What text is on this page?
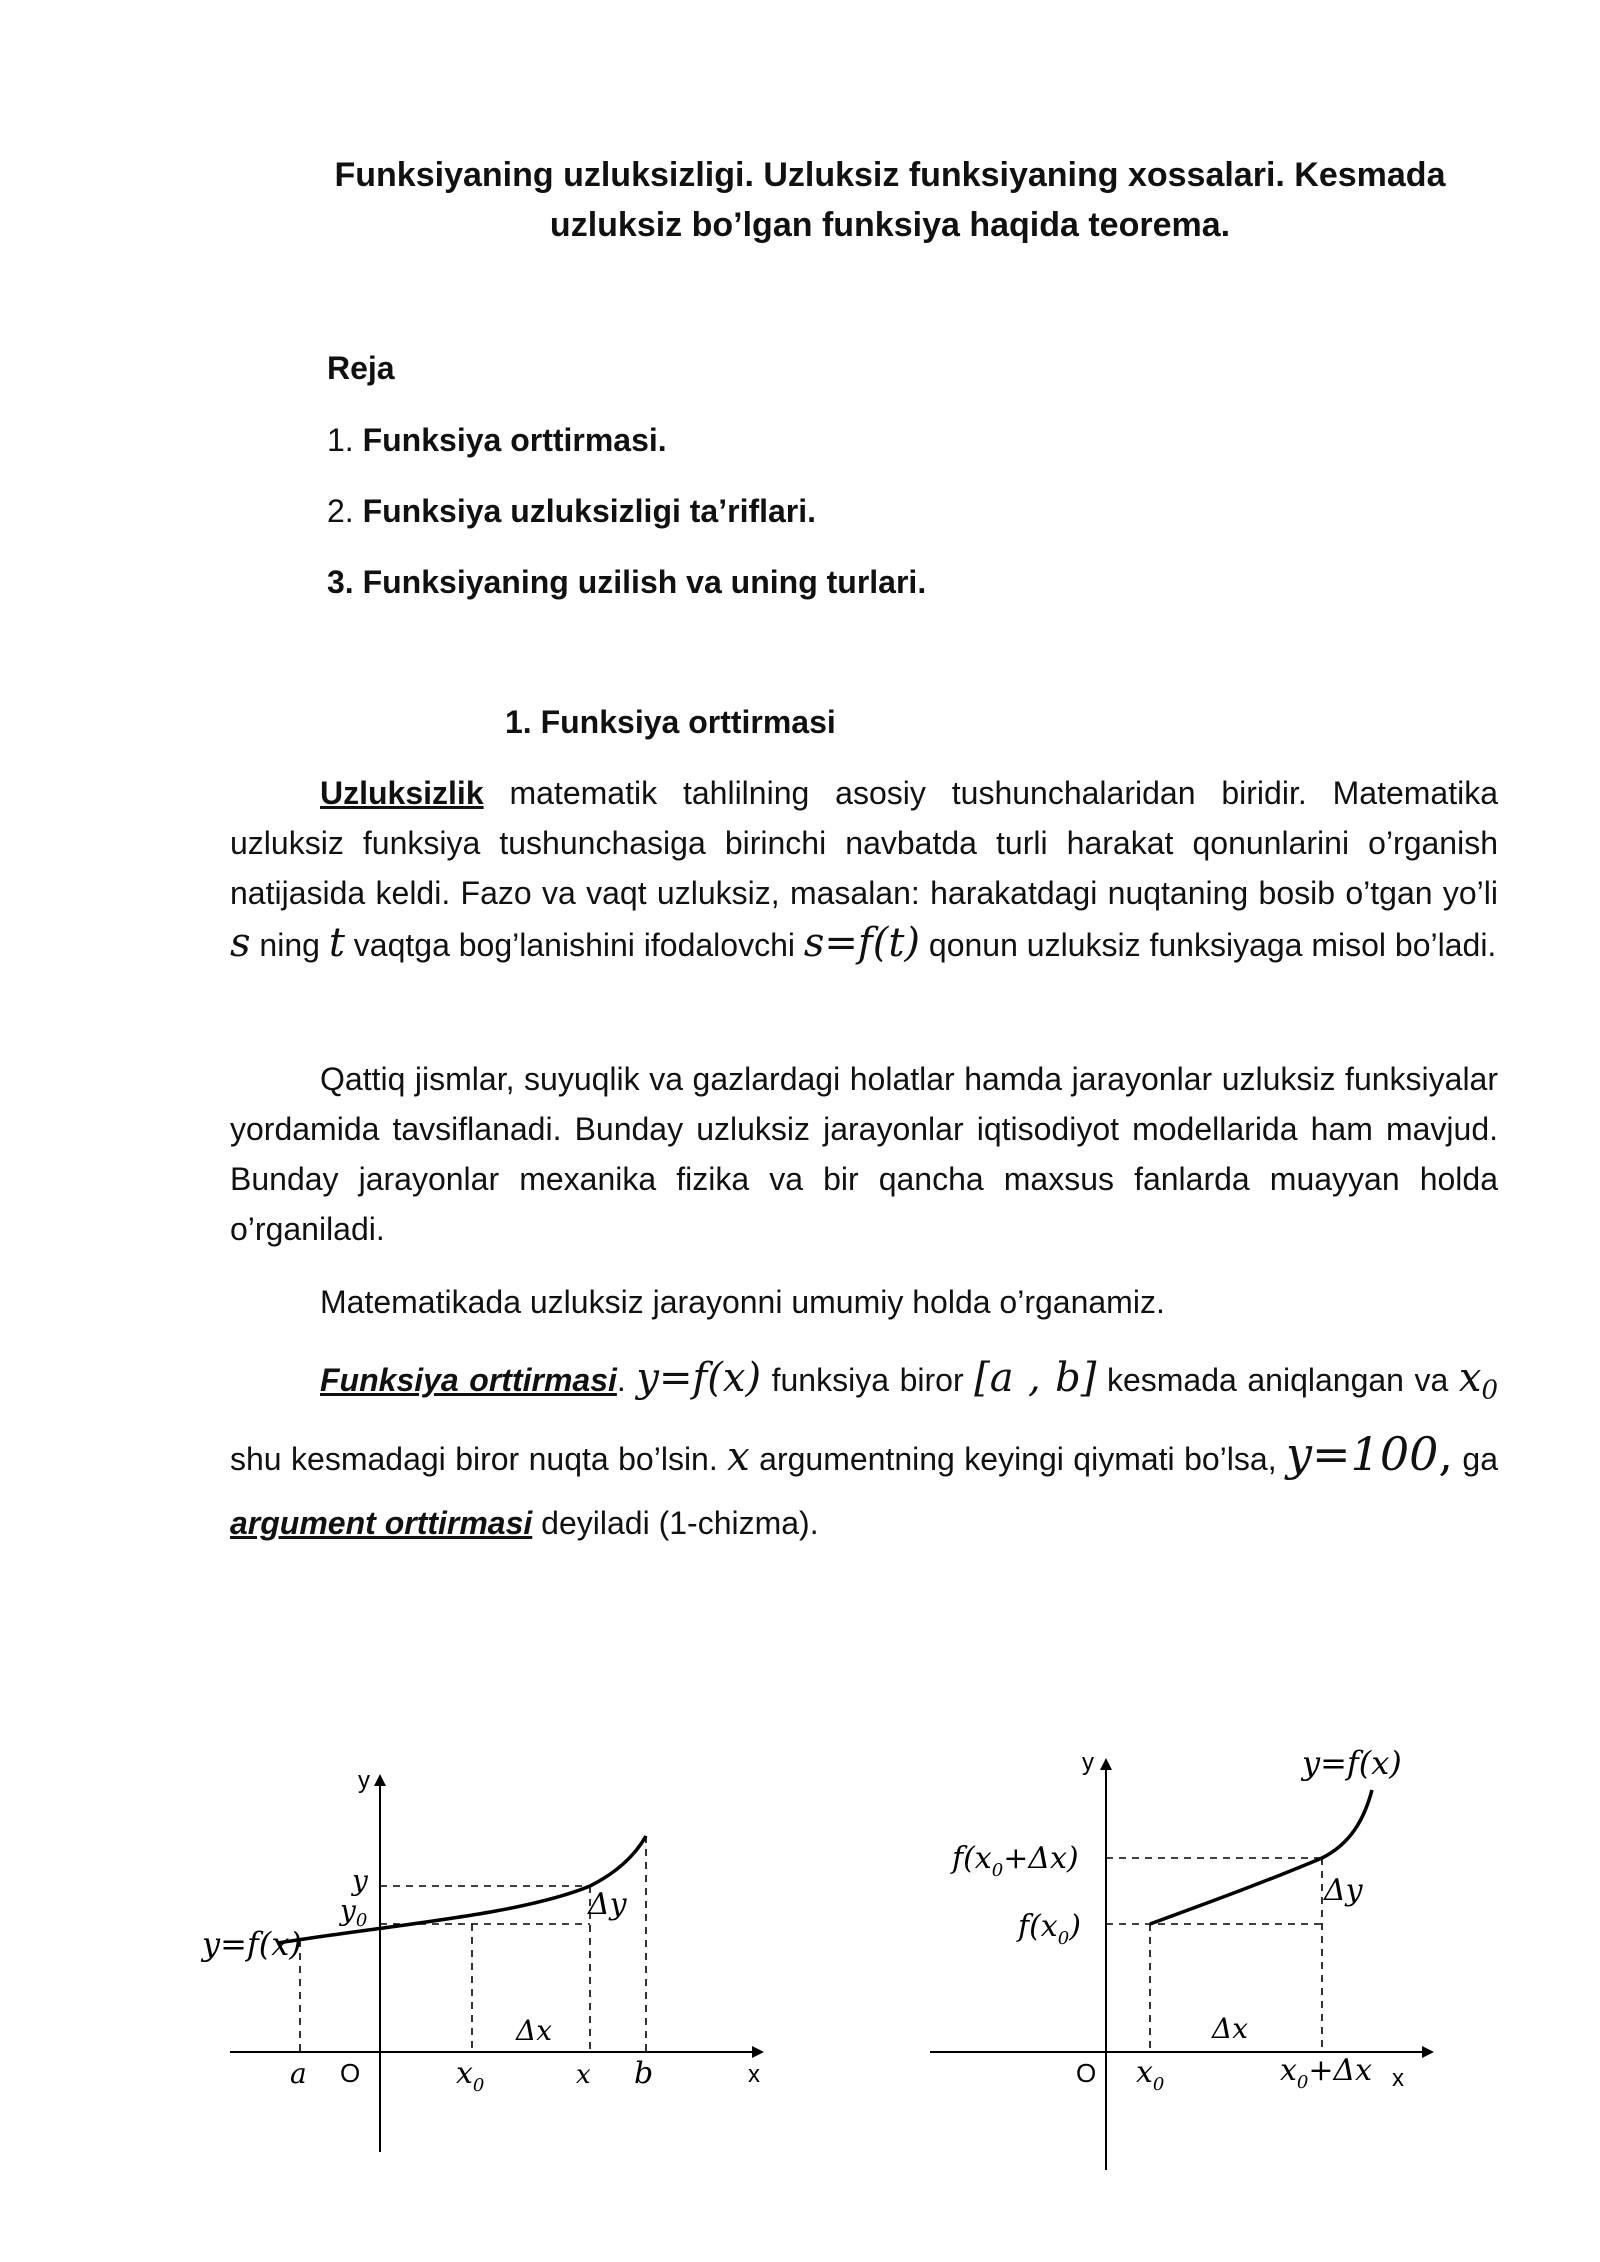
Funksiyaning uzluksizligi. Uzluksiz funksiyaning xossalari. Kesmada
uzluksiz bo’lgan funksiya haqida teorema.
Reja
1. Funksiya orttirmasi.
2. Funksiya uzluksizligi ta’riflari.
3. Funksiyaning uzilish va uning turlari.
1. Funksiya orttirmasi

Uzluksizlik matematik tahlilning asosiy tushunchalaridan biridir. Matematika uzluksiz funksiya tushunchasiga birinchi navbatda turli harakat qonunlarini o’rganish natijasida keldi. Fazo va vaqt uzluksiz, masalan: harakatdagi nuqtaning bosib o’tgan yo’li s ning t vaqtga bog’lanishini ifodalovchi s=f(t) qonun uzluksiz funksiyaga misol bo’ladi.

Qattiq jismlar, suyuqlik va gazlardagi holatlar hamda jarayonlar uzluksiz funksiyalar yordamida tavsiflanadi. Bunday uzluksiz jarayonlar iqtisodiyot modellarida ham mavjud. Bunday jarayonlar mexanika fizika va bir qancha maxsus fanlarda muayyan holda o’rganiladi.

Matematikada uzluksiz jarayonni umumiy holda o’rganamiz.

Funksiya orttirmasi. y=f(x) funksiya biror [a , b] kesmada aniqlangan va $x_0$ shu kesmadagi biror nuqta bo’lsin. x argumentning keyingi qiymati bo’lsa, y=100, ga argument orttirmasi deyiladi (1-chizma).

y
x
O
y=f(x)
y
$y_0$	Δy
Δx
a	$x_0$	x b
y
x
O
y=f(x)
$f(x_0+\Delta x)$
$f(x_0)$
Δy
Δx
$x_0$	$x_0+\Delta x$
